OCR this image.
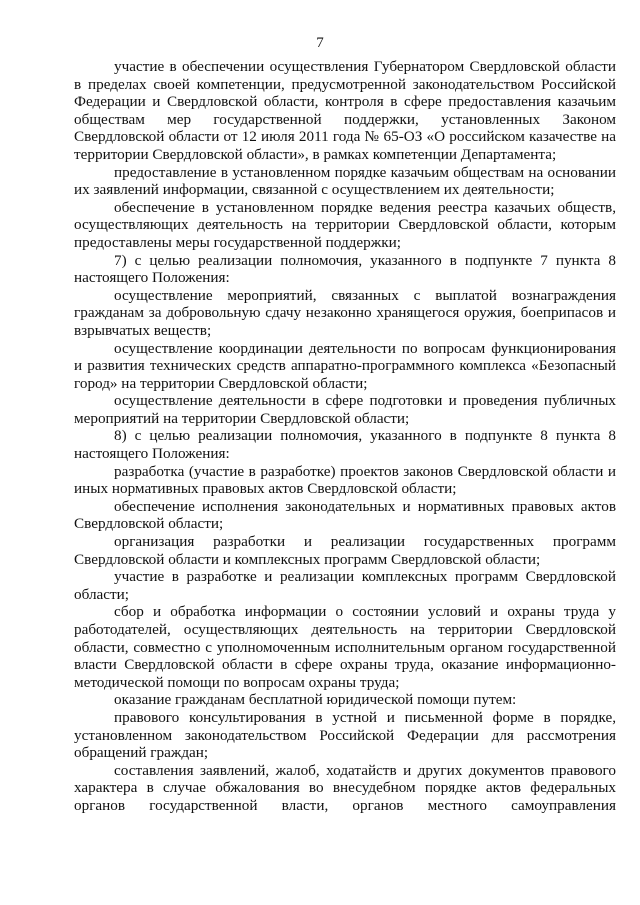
7

участие в обеспечении осуществления Губернатором Свердловской области в пределах своей компетенции, предусмотренной законодательством Российской Федерации и Свердловской области, контроля в сфере предоставления казачьим обществам мер государственной поддержки, установленных Законом Свердловской области от 12 июля 2011 года № 65-ОЗ «О российском казачестве на территории Свердловской области», в рамках компетенции Департамента;

предоставление в установленном порядке казачьим обществам на основании их заявлений информации, связанной с осуществлением их деятельности;

обеспечение в установленном порядке ведения реестра казачьих обществ, осуществляющих деятельность на территории Свердловской области, которым предоставлены меры государственной поддержки;

7) с целью реализации полномочия, указанного в подпункте 7 пункта 8 настоящего Положения:

осуществление мероприятий, связанных с выплатой вознаграждения гражданам за добровольную сдачу незаконно хранящегося оружия, боеприпасов и взрывчатых веществ;

осуществление координации деятельности по вопросам функционирования и развития технических средств аппаратно-программного комплекса «Безопасный город» на территории Свердловской области;

осуществление деятельности в сфере подготовки и проведения публичных мероприятий на территории Свердловской области;

8) с целью реализации полномочия, указанного в подпункте 8 пункта 8 настоящего Положения:

разработка (участие в разработке) проектов законов Свердловской области и иных нормативных правовых актов Свердловской области;

обеспечение исполнения законодательных и нормативных правовых актов Свердловской области;

организация разработки и реализации государственных программ Свердловской области и комплексных программ Свердловской области;

участие в разработке и реализации комплексных программ Свердловской области;

сбор и обработка информации о состоянии условий и охраны труда у работодателей, осуществляющих деятельность на территории Свердловской области, совместно с уполномоченным исполнительным органом государственной власти Свердловской области в сфере охраны труда, оказание информационно-методической помощи по вопросам охраны труда;

оказание гражданам бесплатной юридической помощи путем:

правового консультирования в устной и письменной форме в порядке, установленном законодательством Российской Федерации для рассмотрения обращений граждан;

составления заявлений, жалоб, ходатайств и других документов правового характера в случае обжалования во внесудебном порядке актов федеральных органов государственной власти, органов местного самоуправления
